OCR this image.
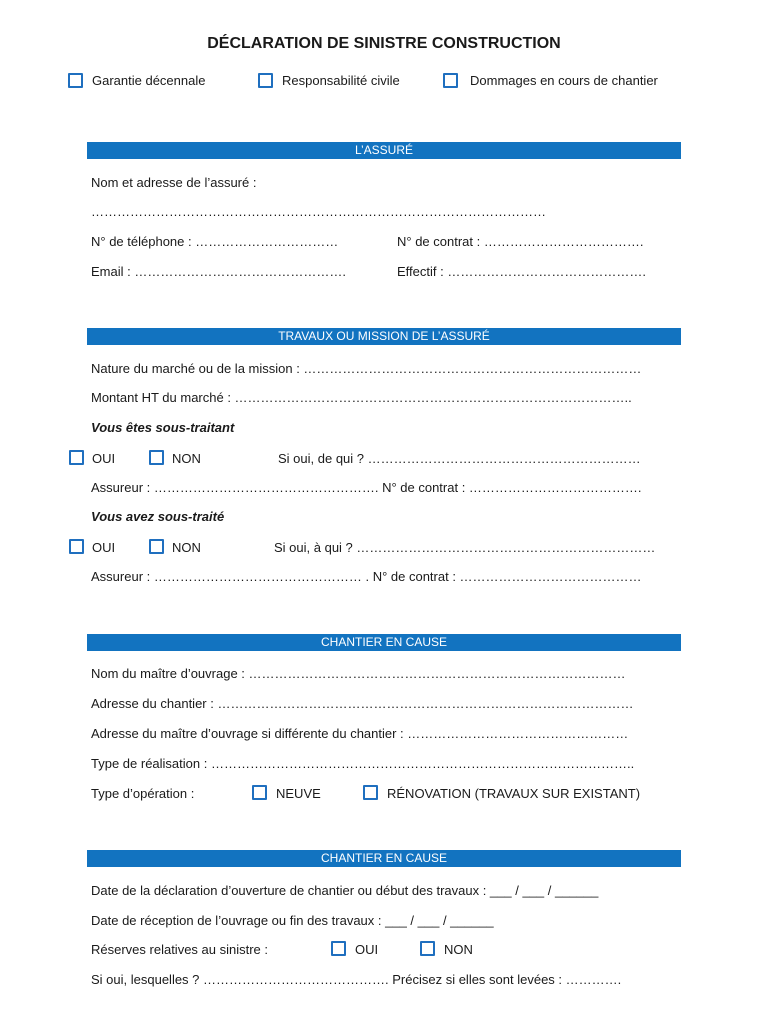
DÉCLARATION DE SINISTRE CONSTRUCTION
Garantie décennale	Responsabilité civile	Dommages en cours de chantier
L’ASSURÉ
Nom et adresse de l’assuré :
……………………………………………………………………………………………
N° de téléphone : ……………………………	N° de contrat : ……………………………….
Email : ………………………………………….	Effectif : ……………………………………….
TRAVAUX OU MISSION DE L’ASSURÉ
Nature du marché ou de la mission : ……………………………………………………………………
Montant HT du marché : ………………………………………………………………………………..
Vous êtes sous-traitant
OUI	NON	Si oui, de qui ? ………………………………………………………
Assureur : ……………………………………………. N° de contrat : ………………………………….
Vous avez sous-traité
OUI	NON	Si oui, à qui ? ……………………………………………………………
Assureur : ………………………………………… . N° de contrat : ……………………………………
CHANTIER EN CAUSE
Nom du maître d’ouvrage : ……………………………………………………………………………
Adresse du chantier : ……………………………………………………………………………………
Adresse du maître d’ouvrage si différente du chantier : ……………………………………………
Type de réalisation : ……………………………………………………………………………………..
Type d’opération :	NEUVE	RÉNOVATION (TRAVAUX SUR EXISTANT)
CHANTIER EN CAUSE
Date de la déclaration d’ouverture de chantier ou début des travaux : ___ / ___ / ______
Date de réception de l’ouvrage ou fin des travaux : ___ / ___ / ______
Réserves relatives au sinistre :	OUI	NON
Si oui, lesquelles ? ……………………………………. Précisez si elles sont levées : ………….
